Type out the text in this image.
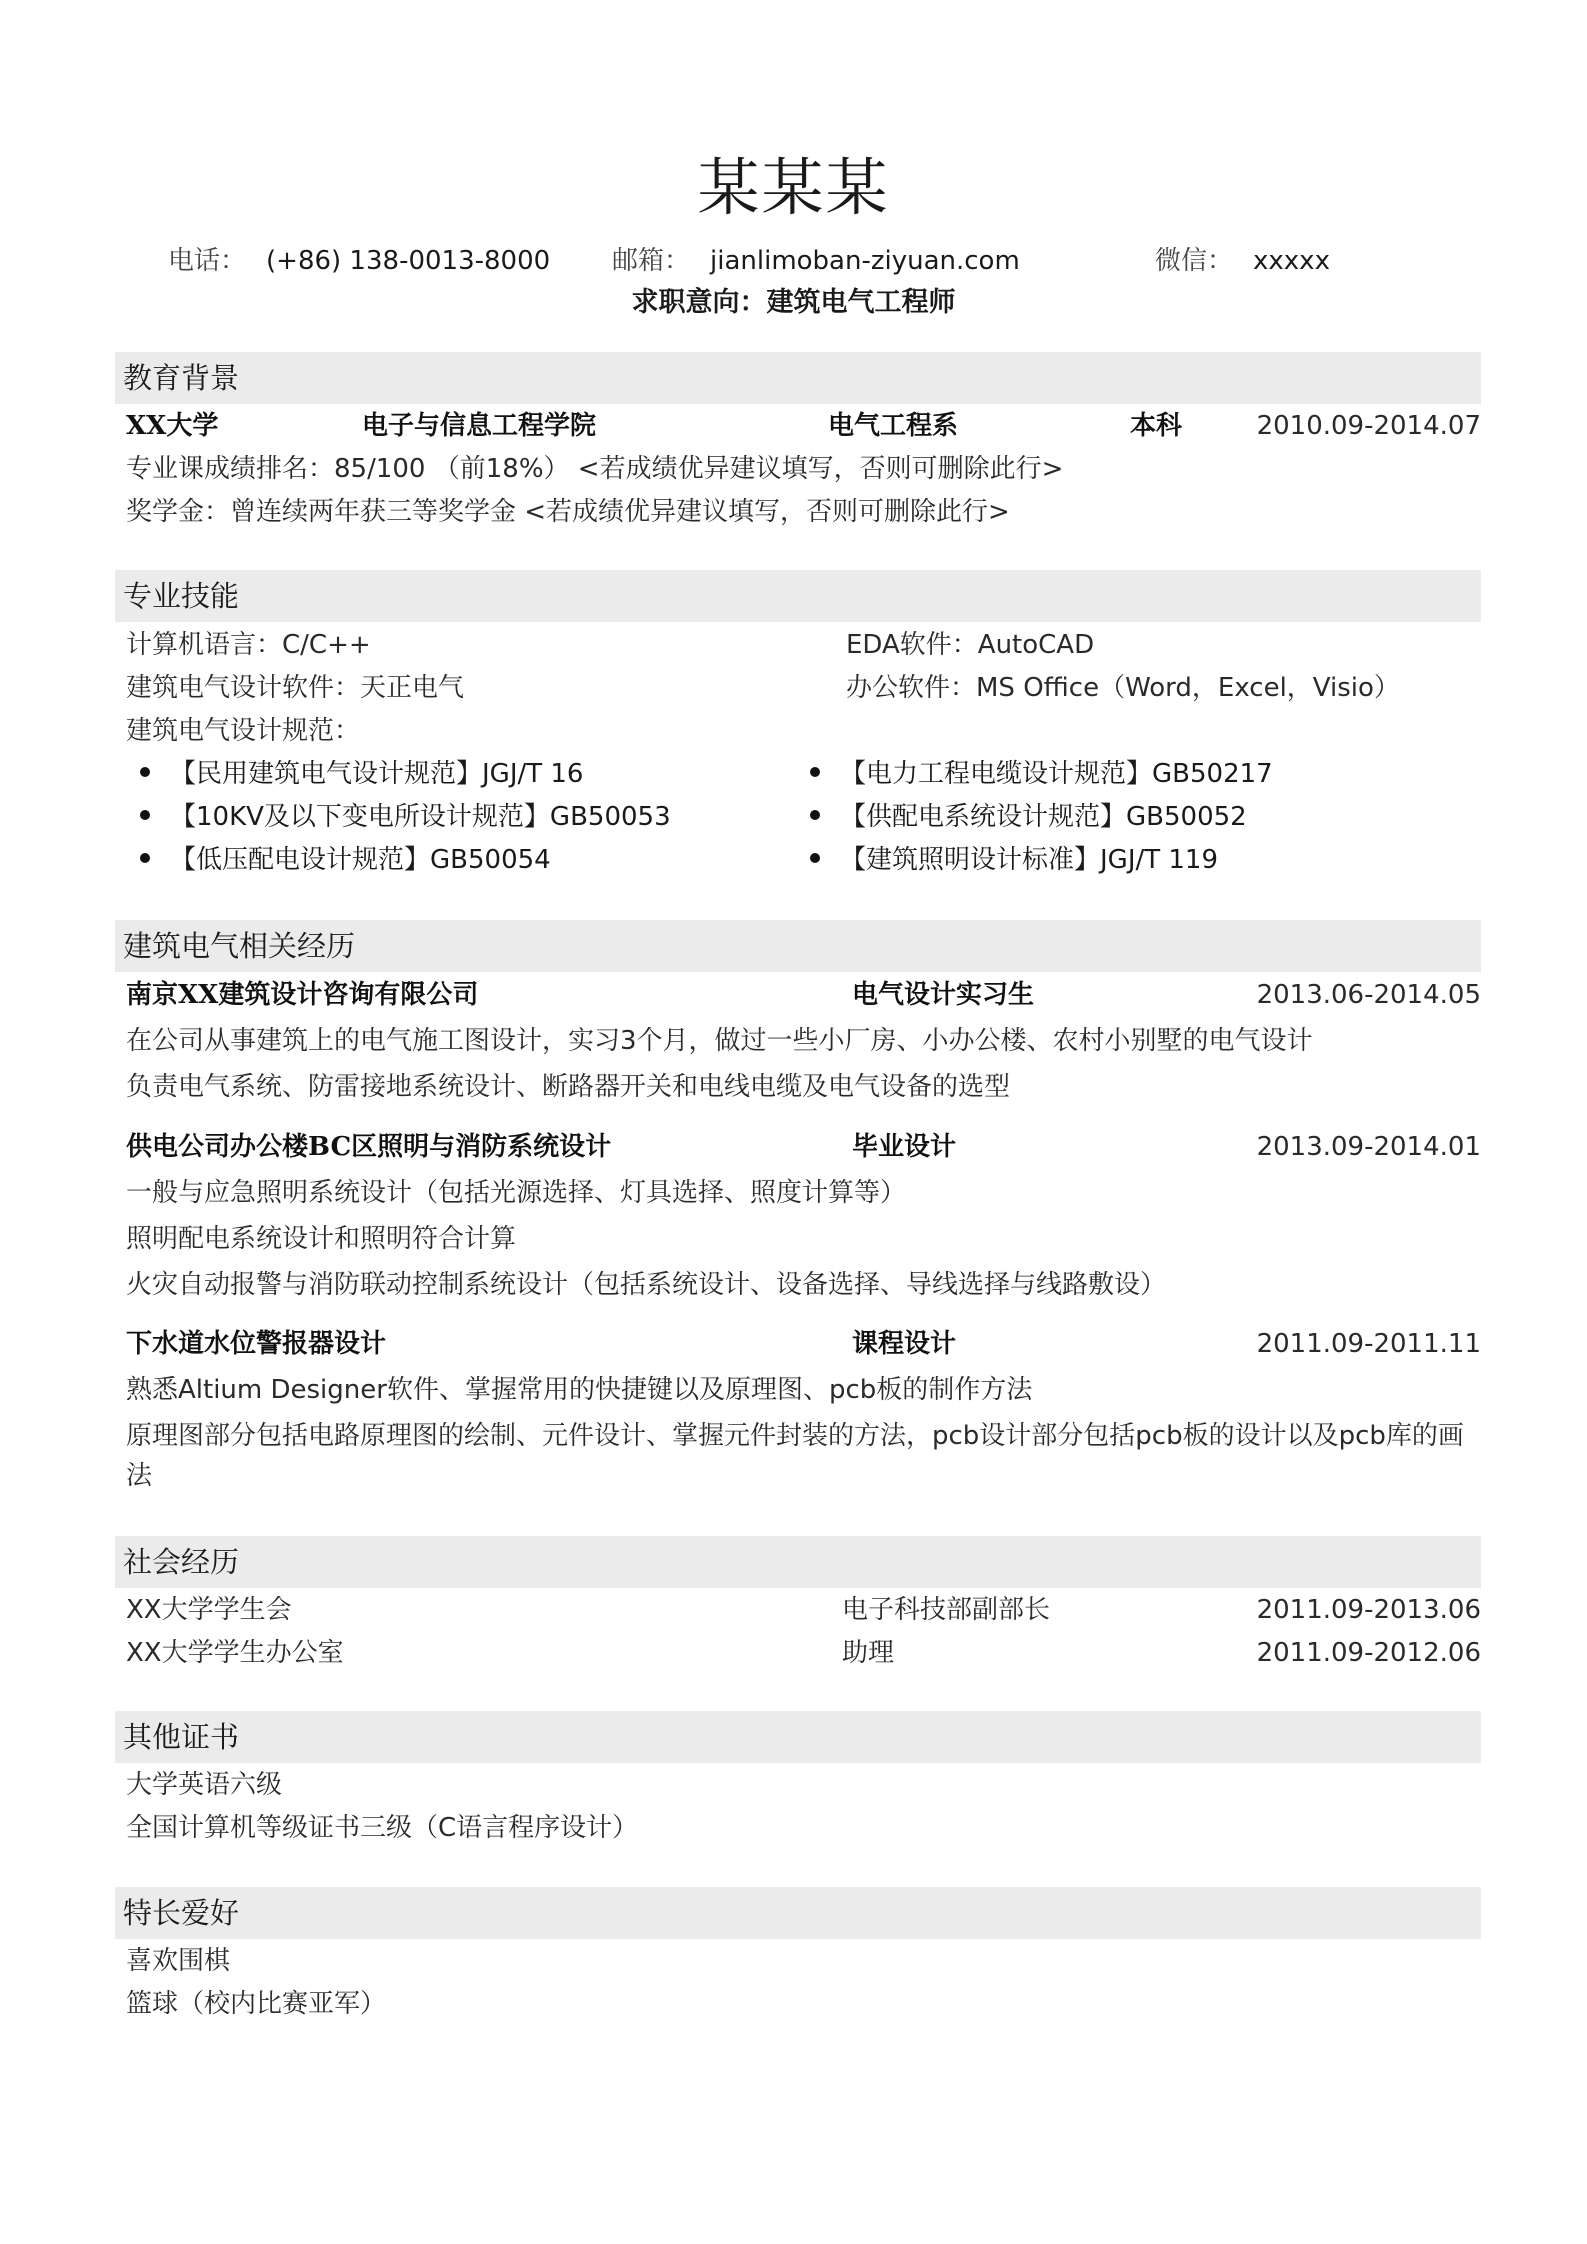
某某某
电话： (+86) 138-0013-8000 邮箱： jianlimoban-ziyuan.com	微信： xxxxx
求职意向：建筑电气工程师
教育背景
XX大学	电子与信息工程学院	电气工程系	本科	2010.09-2014.07
专业课成绩排名：85/100 （前18%） <若成绩优异建议填写，否则可删除此行>
奖学金：曾连续两年获三等奖学金 <若成绩优异建议填写，否则可删除此行>
专业技能
计算机语言：C/C++	EDA软件：AutoCAD
建筑电气设计软件：天正电气	办公软件：MS Office（Word，Excel，Visio）
建筑电气设计规范：
【民用建筑电气设计规范】JGJ/T 16	【电力工程电缆设计规范】GB50217
【10KV及以下变电所设计规范】GB50053	【供配电系统设计规范】GB50052
【低压配电设计规范】GB50054	【建筑照明设计标准】JGJ/T 119
建筑电气相关经历
南京XX建筑设计咨询有限公司	电气设计实习生	2013.06-2014.05
在公司从事建筑上的电气施工图设计，实习3个月，做过一些小厂房、小办公楼、农村小别墅的电气设计
负责电气系统、防雷接地系统设计、断路器开关和电线电缆及电气设备的选型
供电公司办公楼BC区照明与消防系统设计	毕业设计	2013.09-2014.01
一般与应急照明系统设计（包括光源选择、灯具选择、照度计算等）
照明配电系统设计和照明符合计算
火灾自动报警与消防联动控制系统设计（包括系统设计、设备选择、导线选择与线路敷设）
下水道水位警报器设计	课程设计	2011.09-2011.11
熟悉Altium Designer软件、掌握常用的快捷键以及原理图、pcb板的制作方法
原理图部分包括电路原理图的绘制、元件设计、掌握元件封装的方法，pcb设计部分包括pcb板的设计以及pcb库的画
法
社会经历
XX大学学生会	电子科技部副部长	2011.09-2013.06
XX大学学生办公室	助理	2011.09-2012.06
其他证书
大学英语六级
全国计算机等级证书三级（C语言程序设计）
特长爱好
喜欢围棋
篮球（校内比赛亚军）
